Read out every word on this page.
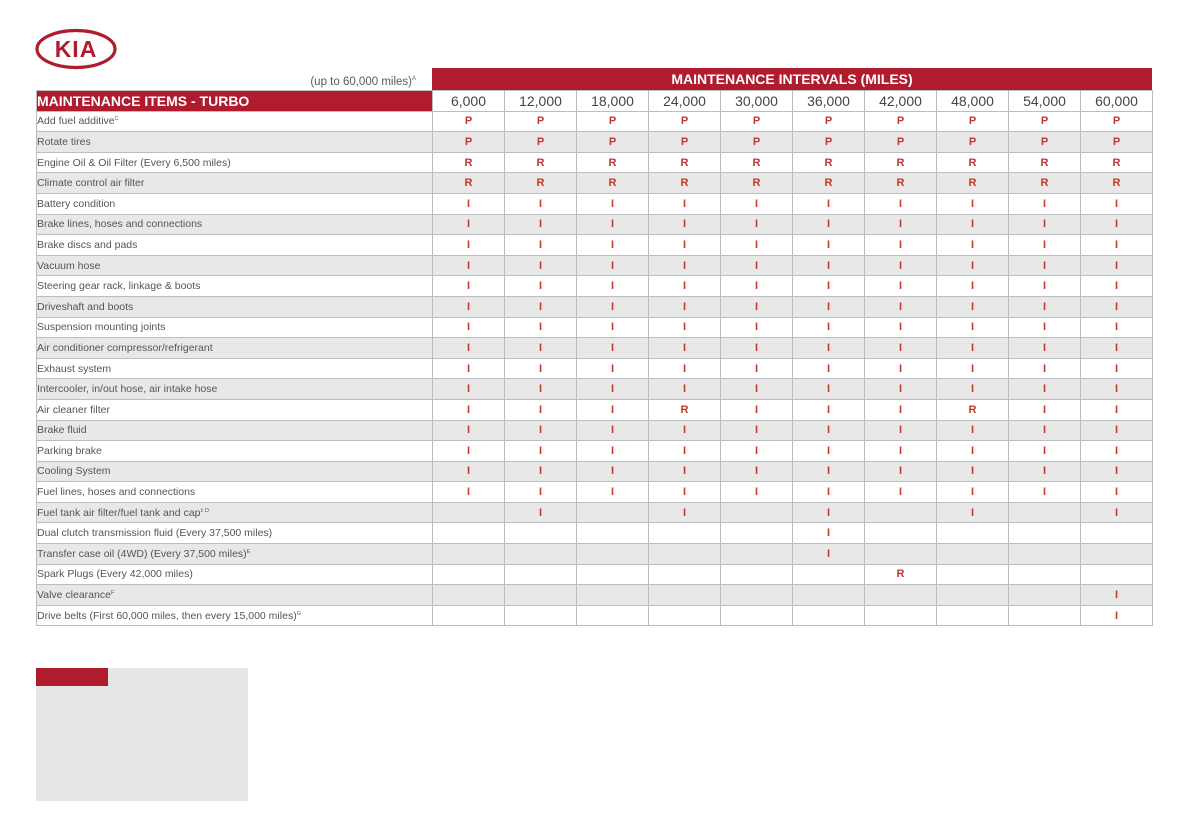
KIA
(up to 60,000 miles)$^A$	MAINTENANCE INTERVALS (MILES)
MAINTENANCE ITEMS - TURBO	6,000	12,000	18,000	24,000	30,000	36,000	42,000	48,000	54,000	60,000
Add fuel additive$^C$	P	P	P	P	P	P	P	P	P	P
Rotate tires	P	P	P	P	P	P	P	P	P	P
Engine Oil & Oil Filter (Every 6,500 miles)	R	R	R	R	R	R	R	R	R	R
Climate control air filter	R	R	R	R	R	R	R	R	R	R
Battery condition	I	I	I	I	I	I	I	I	I	I
Brake lines, hoses and connections	I	I	I	I	I	I	I	I	I	I
Brake discs and pads	I	I	I	I	I	I	I	I	I	I
Vacuum hose	I	I	I	I	I	I	I	I	I	I
Steering gear rack, linkage & boots	I	I	I	I	I	I	I	I	I	I
Driveshaft and boots	I	I	I	I	I	I	I	I	I	I
Suspension mounting joints	I	I	I	I	I	I	I	I	I	I
Air conditioner compressor/refrigerant	I	I	I	I	I	I	I	I	I	I
Exhaust system	I	I	I	I	I	I	I	I	I	I
Intercooler, in/out hose, air intake hose	I	I	I	I	I	I	I	I	I	I
Air cleaner filter	I	I	I	R	I	I	I	R	I	I
Brake fluid	I	I	I	I	I	I	I	I	I	I
Parking brake	I	I	I	I	I	I	I	I	I	I
Cooling System	I	I	I	I	I	I	I	I	I	I
Fuel lines, hoses and connections	I	I	I	I	I	I	I	I	I	I
Fuel tank air filter/fuel tank and cap$^{\ddagger D}$		I		I		I		I		I
Dual clutch transmission fluid (Every 37,500 miles)						I				
Transfer case oil (4WD) (Every 37,500 miles)$^E$						I				
Spark Plugs (Every 42,000 miles)							R			
Valve clearance$^F$										I
Drive belts (First 60,000 miles, then every 15,000 miles)$^G$										I
